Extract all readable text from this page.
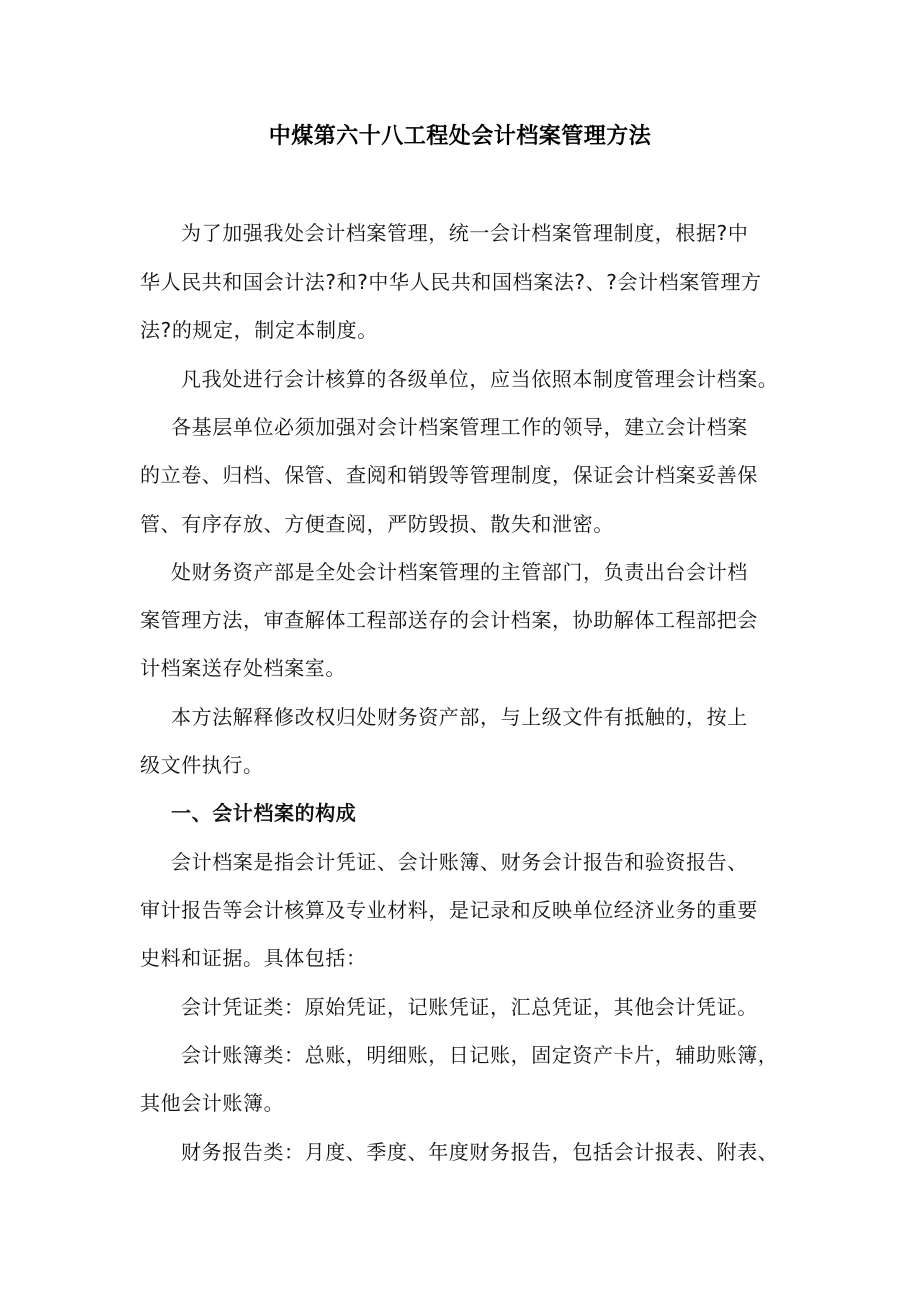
中煤第六十八工程处会计档案管理方法
为了加强我处会计档案管理，统一会计档案管理制度，根据?中
华人民共和国会计法?和?中华人民共和国档案法?、?会计档案管理方
法?的规定，制定本制度。
凡我处进行会计核算的各级单位，应当依照本制度管理会计档案。
各基层单位必须加强对会计档案管理工作的领导，建立会计档案
的立卷、归档、保管、查阅和销毁等管理制度，保证会计档案妥善保
管、有序存放、方便查阅，严防毁损、散失和泄密。
处财务资产部是全处会计档案管理的主管部门，负责出台会计档
案管理方法，审查解体工程部送存的会计档案，协助解体工程部把会
计档案送存处档案室。
本方法解释修改权归处财务资产部，与上级文件有抵触的，按上
级文件执行。
一、会计档案的构成
会计档案是指会计凭证、会计账簿、财务会计报告和验资报告、
审计报告等会计核算及专业材料，是记录和反映单位经济业务的重要
史料和证据。具体包括：
会计凭证类：原始凭证，记账凭证，汇总凭证，其他会计凭证。
会计账簿类：总账，明细账，日记账，固定资产卡片，辅助账簿，
其他会计账簿。
财务报告类：月度、季度、年度财务报告，包括会计报表、附表、
